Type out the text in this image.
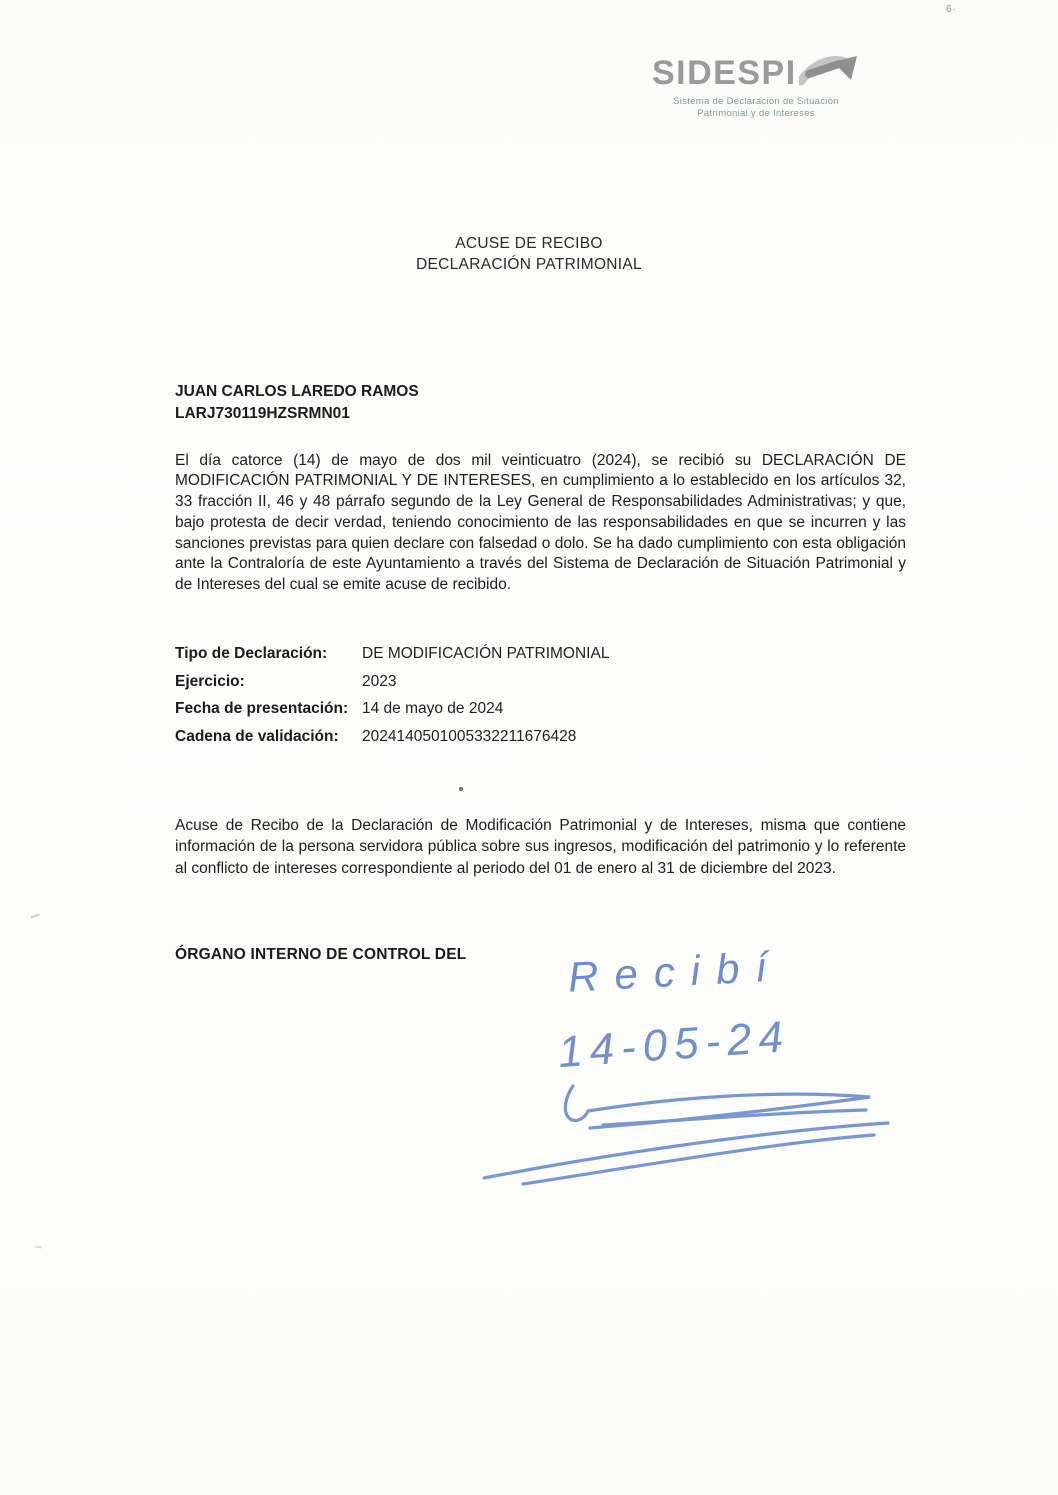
SIDESPI
Sistema de Declaración de Situación
Patrimonial y de Intereses
ACUSE DE RECIBO
DECLARACIÓN PATRIMONIAL
JUAN CARLOS LAREDO RAMOS
LARJ730119HZSRMN01

El día catorce (14) de mayo de dos mil veinticuatro (2024), se recibió su DECLARACIÓN DE MODIFICACIÓN PATRIMONIAL Y DE INTERESES, en cumplimiento a lo establecido en los artículos 32, 33 fracción II, 46 y 48 párrafo segundo de la Ley General de Responsabilidades Administrativas; y que, bajo protesta de decir verdad, teniendo conocimiento de las responsabilidades en que se incurren y las sanciones previstas para quien declare con falsedad o dolo. Se ha dado cumplimiento con esta obligación ante la Contraloría de este Ayuntamiento a través del Sistema de Declaración de Situación Patrimonial y de Intereses del cual se emite acuse de recibido.

Tipo de Declaración:	DE MODIFICACIÓN PATRIMONIAL
Ejercicio:	2023
Fecha de presentación: 14 de mayo de 2024
Cadena de validación:	2024140501005332211676428

Acuse de Recibo de la Declaración de Modificación Patrimonial y de Intereses, misma que contiene información de la persona servidora pública sobre sus ingresos, modificación del patrimonio y lo referente al conflicto de intereses correspondiente al periodo del 01 de enero al 31 de diciembre del 2023.

ÓRGANO INTERNO DE CONTROL DEL Recibí
14-05-24
6·
